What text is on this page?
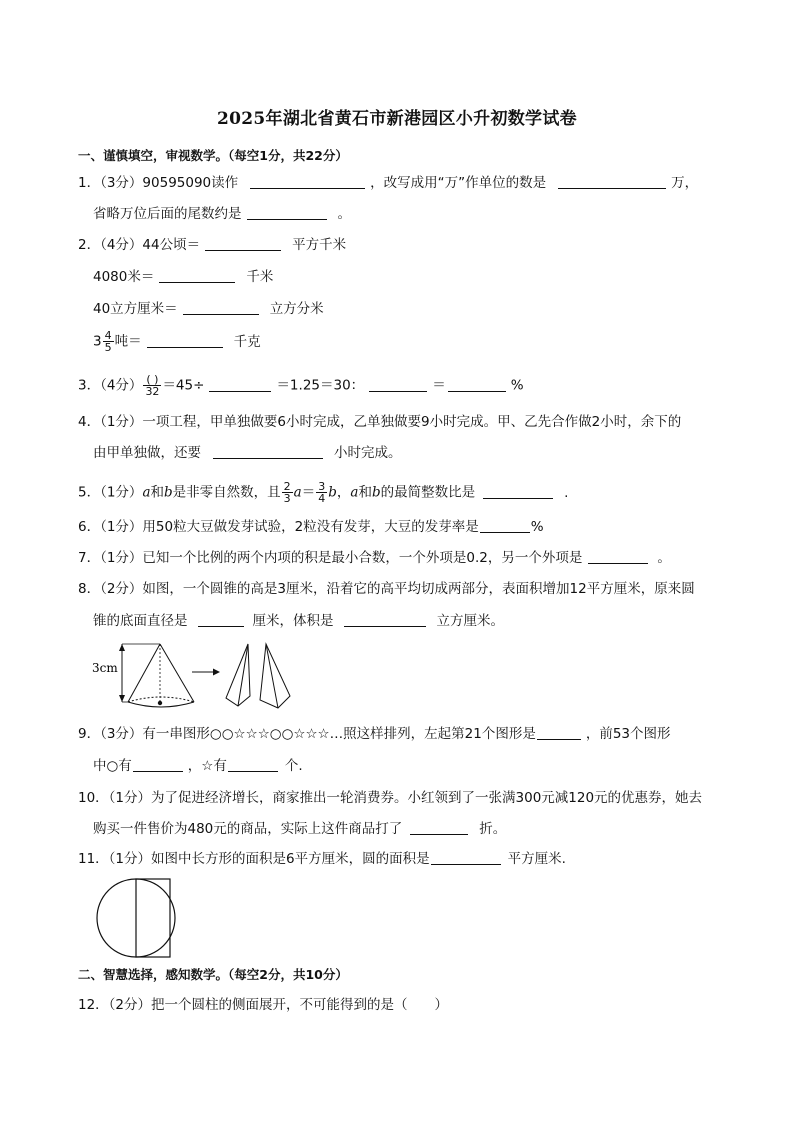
2025年湖北省黄石市新港园区小升初数学试卷
一、谨慎填空，审视数学。（每空1分，共22分）
1．（3分）90595090读作	，改写成用“万”作单位的数是	万，
省略万位后面的尾数约是	。
2．（4分）44公顷＝	平方千米
4080米＝	千米
40立方厘米＝	立方分米
$3 \frac{4}{5}$ 吨＝	千克
3．（4分） $\frac{( )}{32} =45\div$	＝1.25＝30：	＝	%
4．（1分）一项工程，甲单独做要6小时完成，乙单独做要9小时完成。甲、乙先合作做2小时，余下的
由甲单独做，还要	小时完成。
5．（1分）a和b是非零自然数，且 $\frac{2}{3} a= \frac{3}{4}$ b，a和b的最简整数比是	.
6．（1分）用50粒大豆做发芽试验，2粒没有发芽，大豆的发芽率是	%
7．（1分）已知一个比例的两个内项的积是最小合数，一个外项是0.2，另一个外项是	。
8．（2分）如图，一个圆锥的高是3厘米，沿着它的高平均切成两部分，表面积增加12平方厘米，原来圆
锥的底面直径是	厘米，体积是	立方厘米。
3cm
9．（3分）有一串图形○○☆☆☆○○☆☆☆…照这样排列，左起第21个图形是	，前53个图形
中○有	，☆有	个.
10．（1分）为了促进经济增长，商家推出一轮消费券。小红领到了一张满300元减120元的优惠券，她去
购买一件售价为480元的商品，实际上这件商品打了	折。
11．（1分）如图中长方形的面积是6平方厘米，圆的面积是	平方厘米.
二、智慧选择，感知数学。（每空2分，共10分）
12．（2分）把一个圆柱的侧面展开，不可能得到的是（　　）
